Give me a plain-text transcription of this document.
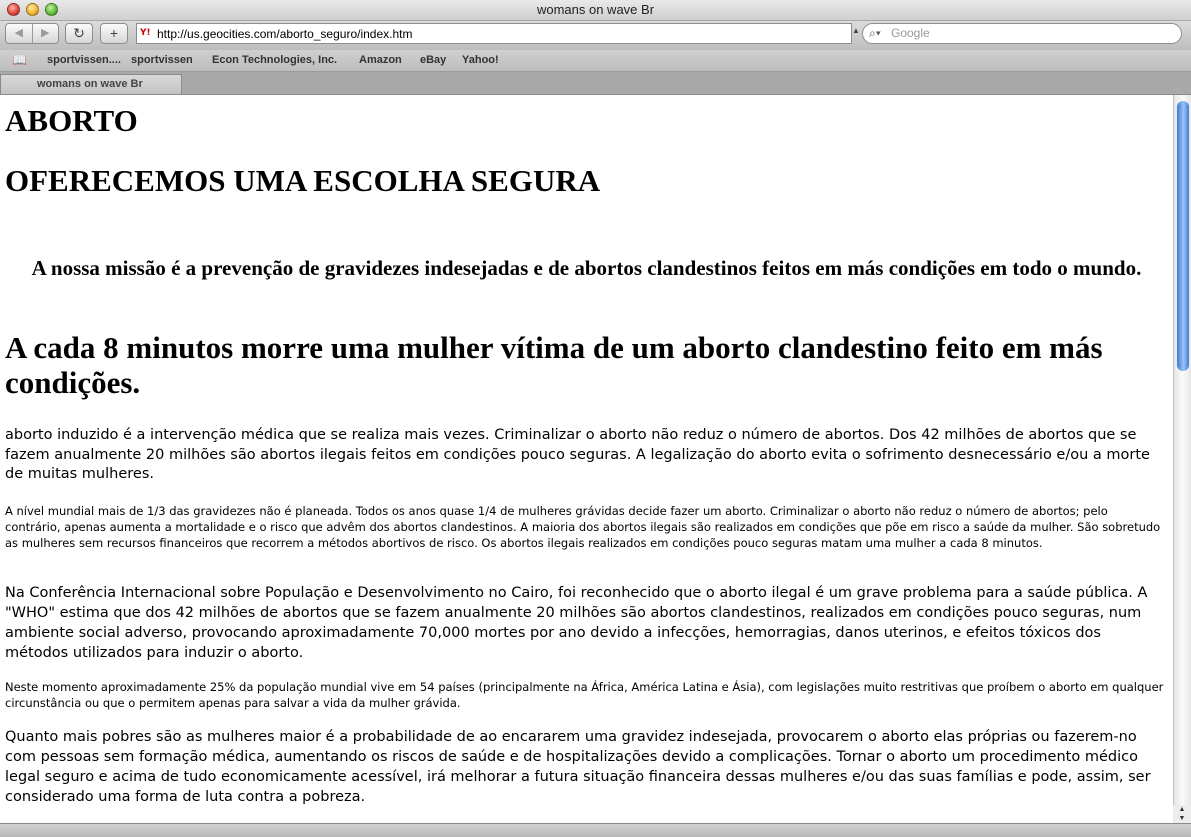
womans on wave Br
◀	▶	↻	+	Y! http://us.geocities.com/aborto_seguro/index.htm	▲ ⌕▾ Google
📖 sportvissen.... sportvissen Econ Technologies, Inc. Amazon eBay Yahoo!
womans on wave Br
ABORTO
OFERECEMOS UMA ESCOLHA SEGURA
A nossa missão é a prevenção de gravidezes indesejadas e de abortos clandestinos feitos em más condições em todo o mundo.
A cada 8 minutos morre uma mulher vítima de um aborto clandestino feito em más condições.

aborto induzido é a intervenção médica que se realiza mais vezes. Criminalizar o aborto não reduz o número de abortos. Dos 42 milhões de abortos que se fazem anualmente 20 milhões são abortos ilegais feitos em condições pouco seguras. A legalização do aborto evita o sofrimento desnecessário e/ou a morte de muitas mulheres.

A nível mundial mais de 1/3 das gravidezes não é planeada. Todos os anos quase 1/4 de mulheres grávidas decide fazer um aborto. Criminalizar o aborto não reduz o número de abortos; pelo contrário, apenas aumenta a mortalidade e o risco que advêm dos abortos clandestinos. A maioria dos abortos ilegais são realizados em condições que põe em risco a saúde da mulher. São sobretudo as mulheres sem recursos financeiros que recorrem a métodos abortivos de risco. Os abortos ilegais realizados em condições pouco seguras matam uma mulher a cada 8 minutos.

Na Conferência Internacional sobre População e Desenvolvimento no Cairo, foi reconhecido que o aborto ilegal é um grave problema para a saúde pública. A "WHO" estima que dos 42 milhões de abortos que se fazem anualmente 20 milhões são abortos clandestinos, realizados em condições pouco seguras, num ambiente social adverso, provocando aproximadamente 70,000 mortes por ano devido a infecções, hemorragias, danos uterinos, e efeitos tóxicos dos métodos utilizados para induzir o aborto.

Neste momento aproximadamente 25% da população mundial vive em 54 países (principalmente na África, América Latina e Ásia), com legislações muito restritivas que proíbem o aborto em qualquer circunstância ou que o permitem apenas para salvar a vida da mulher grávida.

Quanto mais pobres são as mulheres maior é a probabilidade de ao encararem uma gravidez indesejada, provocarem o aborto elas próprias ou fazerem-no com pessoas sem formação médica, aumentando os riscos de saúde e de hospitalizações devido a complicações. Tornar o aborto um procedimento médico legal seguro e acima de tudo economicamente acessível, irá melhorar a futura situação financeira dessas mulheres e/ou das suas famílias e pode, assim, ser considerado uma forma de luta contra a pobreza.

▲
▼
